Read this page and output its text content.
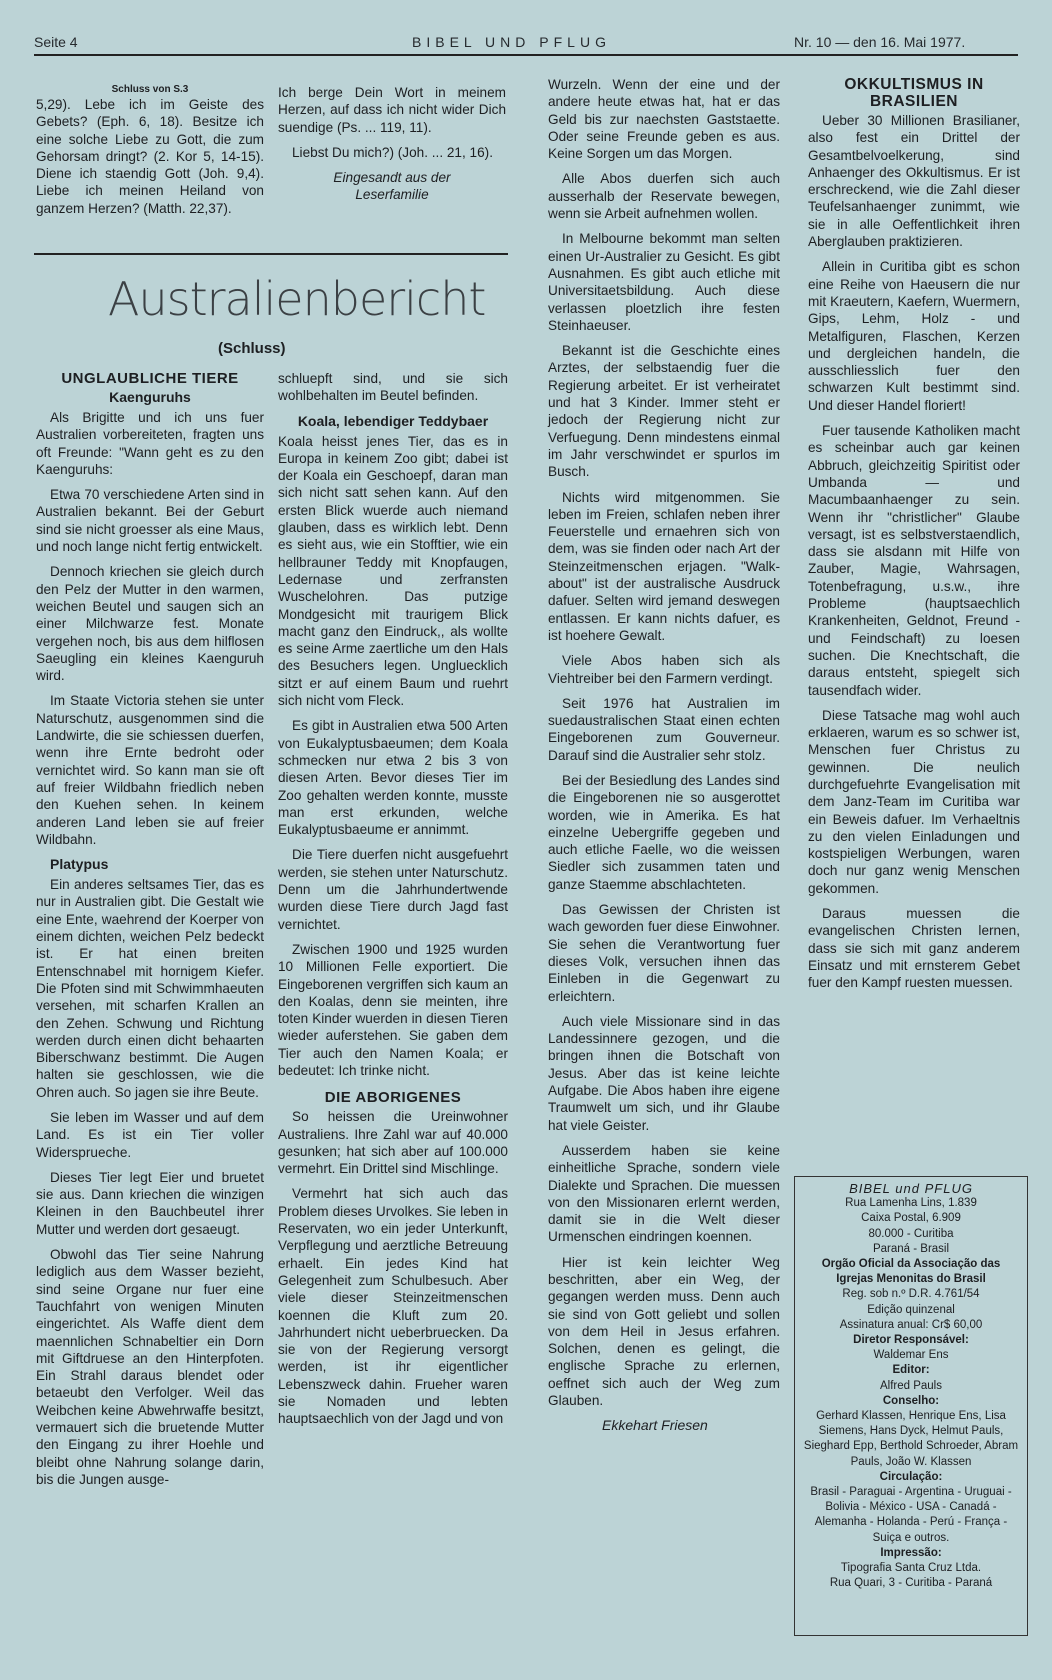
Seite 4	BIBEL UND PFLUG	Nr. 10 — den 16. Mai 1977.
Schluss von S.3

5,29). Lebe ich im Geiste des Gebets? (Eph. 6, 18). Besitze ich eine solche Liebe zu Gott, die zum Gehorsam dringt? (2. Kor 5, 14-15). Diene ich staendig Gott (Joh. 9,4). Liebe ich meinen Heiland von ganzem Herzen? (Matth. 22,37).

Ich berge Dein Wort in meinem Herzen, auf dass ich nicht wider Dich suendige (Ps. ... 119, 11).

Liebst Du mich?) (Joh. ... 21, 16).

Eingesandt aus der
Leserfamilie
Australienbericht
(Schluss)
UNGLAUBLICHE TIERE
Kaenguruhs

Als Brigitte und ich uns fuer Australien vorbereiteten, fragten uns oft Freunde: "Wann geht es zu den Kaenguruhs:

Etwa 70 verschiedene Arten sind in Australien bekannt. Bei der Geburt sind sie nicht groesser als eine Maus, und noch lange nicht fertig entwickelt.

Dennoch kriechen sie gleich durch den Pelz der Mutter in den warmen, weichen Beutel und saugen sich an einer Milchwarze fest. Monate vergehen noch, bis aus dem hilflosen Saeugling ein kleines Kaenguruh wird.

Im Staate Victoria stehen sie unter Naturschutz, ausgenommen sind die Landwirte, die sie schiessen duerfen, wenn ihre Ernte bedroht oder vernichtet wird. So kann man sie oft auf freier Wildbahn friedlich neben den Kuehen sehen. In keinem anderen Land leben sie auf freier Wildbahn.

Platypus

Ein anderes seltsames Tier, das es nur in Australien gibt. Die Gestalt wie eine Ente, waehrend der Koerper von einem dichten, weichen Pelz bedeckt ist. Er hat einen breiten Entenschnabel mit hornigem Kiefer. Die Pfoten sind mit Schwimmhaeuten versehen, mit scharfen Krallen an den Zehen. Schwung und Richtung werden durch einen dicht behaarten Biberschwanz bestimmt. Die Augen halten sie geschlossen, wie die Ohren auch. So jagen sie ihre Beute.

Sie leben im Wasser und auf dem Land. Es ist ein Tier voller Widersprueche.

Dieses Tier legt Eier und bruetet sie aus. Dann kriechen die winzigen Kleinen in den Bauchbeutel ihrer Mutter und werden dort gesaeugt.

Obwohl das Tier seine Nahrung lediglich aus dem Wasser bezieht, sind seine Organe nur fuer eine Tauchfahrt von wenigen Minuten eingerichtet. Als Waffe dient dem maennlichen Schnabeltier ein Dorn mit Giftdruese an den Hinterpfoten. Ein Strahl daraus blendet oder betaeubt den Verfolger. Weil das Weibchen keine Abwehrwaffe besitzt, vermauert sich die bruetende Mutter den Eingang zu ihrer Hoehle und bleibt ohne Nahrung solange darin, bis die Jungen ausge-

schluepft sind, und sie sich wohlbehalten im Beutel befinden.

Koala, lebendiger Teddybaer

Koala heisst jenes Tier, das es in Europa in keinem Zoo gibt; dabei ist der Koala ein Geschoepf, daran man sich nicht satt sehen kann. Auf den ersten Blick wuerde auch niemand glauben, dass es wirklich lebt. Denn es sieht aus, wie ein Stofftier, wie ein hellbrauner Teddy mit Knopfaugen, Ledernase und zerfransten Wuschelohren. Das putzige Mondgesicht mit traurigem Blick macht ganz den Eindruck,, als wollte es seine Arme zaertliche um den Hals des Besuchers legen. Ungluecklich sitzt er auf einem Baum und ruehrt sich nicht vom Fleck.

Es gibt in Australien etwa 500 Arten von Eukalyptusbaeumen; dem Koala schmecken nur etwa 2 bis 3 von diesen Arten. Bevor dieses Tier im Zoo gehalten werden konnte, musste man erst erkunden, welche Eukalyptusbaeume er annimmt.

Die Tiere duerfen nicht ausgefuehrt werden, sie stehen unter Naturschutz. Denn um die Jahrhundertwende wurden diese Tiere durch Jagd fast vernichtet.

Zwischen 1900 und 1925 wurden 10 Millionen Felle exportiert. Die Eingeborenen vergriffen sich kaum an den Koalas, denn sie meinten, ihre toten Kinder wuerden in diesen Tieren wieder auferstehen. Sie gaben dem Tier auch den Namen Koala; er bedeutet: Ich trinke nicht.

DIE ABORIGENES

So heissen die Ureinwohner Australiens. Ihre Zahl war auf 40.000 gesunken; hat sich aber auf 100.000 vermehrt. Ein Drittel sind Mischlinge.

Vermehrt hat sich auch das Problem dieses Urvolkes. Sie leben in Reservaten, wo ein jeder Unterkunft, Verpflegung und aerztliche Betreuung erhaelt. Ein jedes Kind hat Gelegenheit zum Schulbesuch. Aber viele dieser Steinzeitmenschen koennen die Kluft zum 20. Jahrhundert nicht ueberbruecken. Da sie von der Regierung versorgt werden, ist ihr eigentlicher Lebenszweck dahin. Frueher waren sie Nomaden und lebten hauptsaechlich von der Jagd und von

Wurzeln. Wenn der eine und der andere heute etwas hat, hat er das Geld bis zur naechsten Gaststaette. Oder seine Freunde geben es aus. Keine Sorgen um das Morgen.

Alle Abos duerfen sich auch ausserhalb der Reservate bewegen, wenn sie Arbeit aufnehmen wollen.

In Melbourne bekommt man selten einen Ur-Australier zu Gesicht. Es gibt Ausnahmen. Es gibt auch etliche mit Universitaetsbildung. Auch diese verlassen ploetzlich ihre festen Steinhaeuser.

Bekannt ist die Geschichte eines Arztes, der selbstaendig fuer die Regierung arbeitet. Er ist verheiratet und hat 3 Kinder. Immer steht er jedoch der Regierung nicht zur Verfuegung. Denn mindestens einmal im Jahr verschwindet er spurlos im Busch.

Nichts wird mitgenommen. Sie leben im Freien, schlafen neben ihrer Feuerstelle und ernaehren sich von dem, was sie finden oder nach Art der Steinzeitmenschen erjagen. "Walk-about" ist der australische Ausdruck dafuer. Selten wird jemand deswegen entlassen. Er kann nichts dafuer, es ist hoehere Gewalt.

Viele Abos haben sich als Viehtreiber bei den Farmern verdingt.

Seit 1976 hat Australien im suedaustralischen Staat einen echten Eingeborenen zum Gouverneur. Darauf sind die Australier sehr stolz.

Bei der Besiedlung des Landes sind die Eingeborenen nie so ausgerottet worden, wie in Amerika. Es hat einzelne Uebergriffe gegeben und auch etliche Faelle, wo die weissen Siedler sich zusammen taten und ganze Staemme abschlachteten.

Das Gewissen der Christen ist wach geworden fuer diese Einwohner. Sie sehen die Verantwortung fuer dieses Volk, versuchen ihnen das Einleben in die Gegenwart zu erleichtern.

Auch viele Missionare sind in das Landessinnere gezogen, und die bringen ihnen die Botschaft von Jesus. Aber das ist keine leichte Aufgabe. Die Abos haben ihre eigene Traumwelt um sich, und ihr Glaube hat viele Geister.

Ausserdem haben sie keine einheitliche Sprache, sondern viele Dialekte und Sprachen. Die muessen von den Missionaren erlernt werden, damit sie in die Welt dieser Urmenschen eindringen koennen.

Hier ist kein leichter Weg beschritten, aber ein Weg, der gegangen werden muss. Denn auch sie sind von Gott geliebt und sollen von dem Heil in Jesus erfahren. Solchen, denen es gelingt, die englische Sprache zu erlernen, oeffnet sich auch der Weg zum Glauben.

Ekkehart Friesen
OKKULTISMUS IN BRASILIEN

Ueber 30 Millionen Brasilianer, also fest ein Drittel der Gesamtbelvoelkerung, sind Anhaenger des Okkultismus. Er ist erschreckend, wie die Zahl dieser Teufelsanhaenger zunimmt, wie sie in alle Oeffentlichkeit ihren Aberglauben praktizieren.

Allein in Curitiba gibt es schon eine Reihe von Haeusern die nur mit Kraeutern, Kaefern, Wuermern, Gips, Lehm, Holz - und Metalfiguren, Flaschen, Kerzen und dergleichen handeln, die ausschliesslich fuer den schwarzen Kult bestimmt sind. Und dieser Handel floriert!

Fuer tausende Katholiken macht es scheinbar auch gar keinen Abbruch, gleichzeitig Spiritist oder Umbanda — und Macumbaanhaenger zu sein. Wenn ihr "christlicher" Glaube versagt, ist es selbstverstaendlich, dass sie alsdann mit Hilfe von Zauber, Magie, Wahrsagen, Totenbefragung, u.s.w., ihre Probleme (hauptsaechlich Krankenheiten, Geldnot, Freund - und Feindschaft) zu loesen suchen. Die Knechtschaft, die daraus entsteht, spiegelt sich tausendfach wider.

Diese Tatsache mag wohl auch erklaeren, warum es so schwer ist, Menschen fuer Christus zu gewinnen. Die neulich durchgefuehrte Evangelisation mit dem Janz-Team im Curitiba war ein Beweis dafuer. Im Verhaeltnis zu den vielen Einladungen und kostspieligen Werbungen, waren doch nur ganz wenig Menschen gekommen.

Daraus muessen die evangelischen Christen lernen, dass sie sich mit ganz anderem Einsatz und mit ernsterem Gebet fuer den Kampf ruesten muessen.

BIBEL und PFLUG
Rua Lamenha Lins, 1.839
Caixa Postal, 6.909
80.000 - Curitiba
Paraná - Brasil
Orgão Oficial da Associação das
Igrejas Menonitas do Brasil
Reg. sob n.º D.R. 4.761/54
Edição quinzenal
Assinatura anual: Cr$ 60,00
Diretor Responsável:
Waldemar Ens
Editor:
Alfred Pauls
Conselho:
Gerhard Klassen, Henrique Ens, Lisa Siemens, Hans Dyck, Helmut Pauls, Sieghard Epp, Berthold Schroeder, Abram Pauls, João W. Klassen
Circulação:
Brasil - Paraguai - Argentina - Uruguai - Bolivia - México - USA - Canadá - Alemanha - Holanda - Perú - França - Suiça e outros.
Impressão:
Tipografia Santa Cruz Ltda.
Rua Quari, 3 - Curitiba - Paraná
